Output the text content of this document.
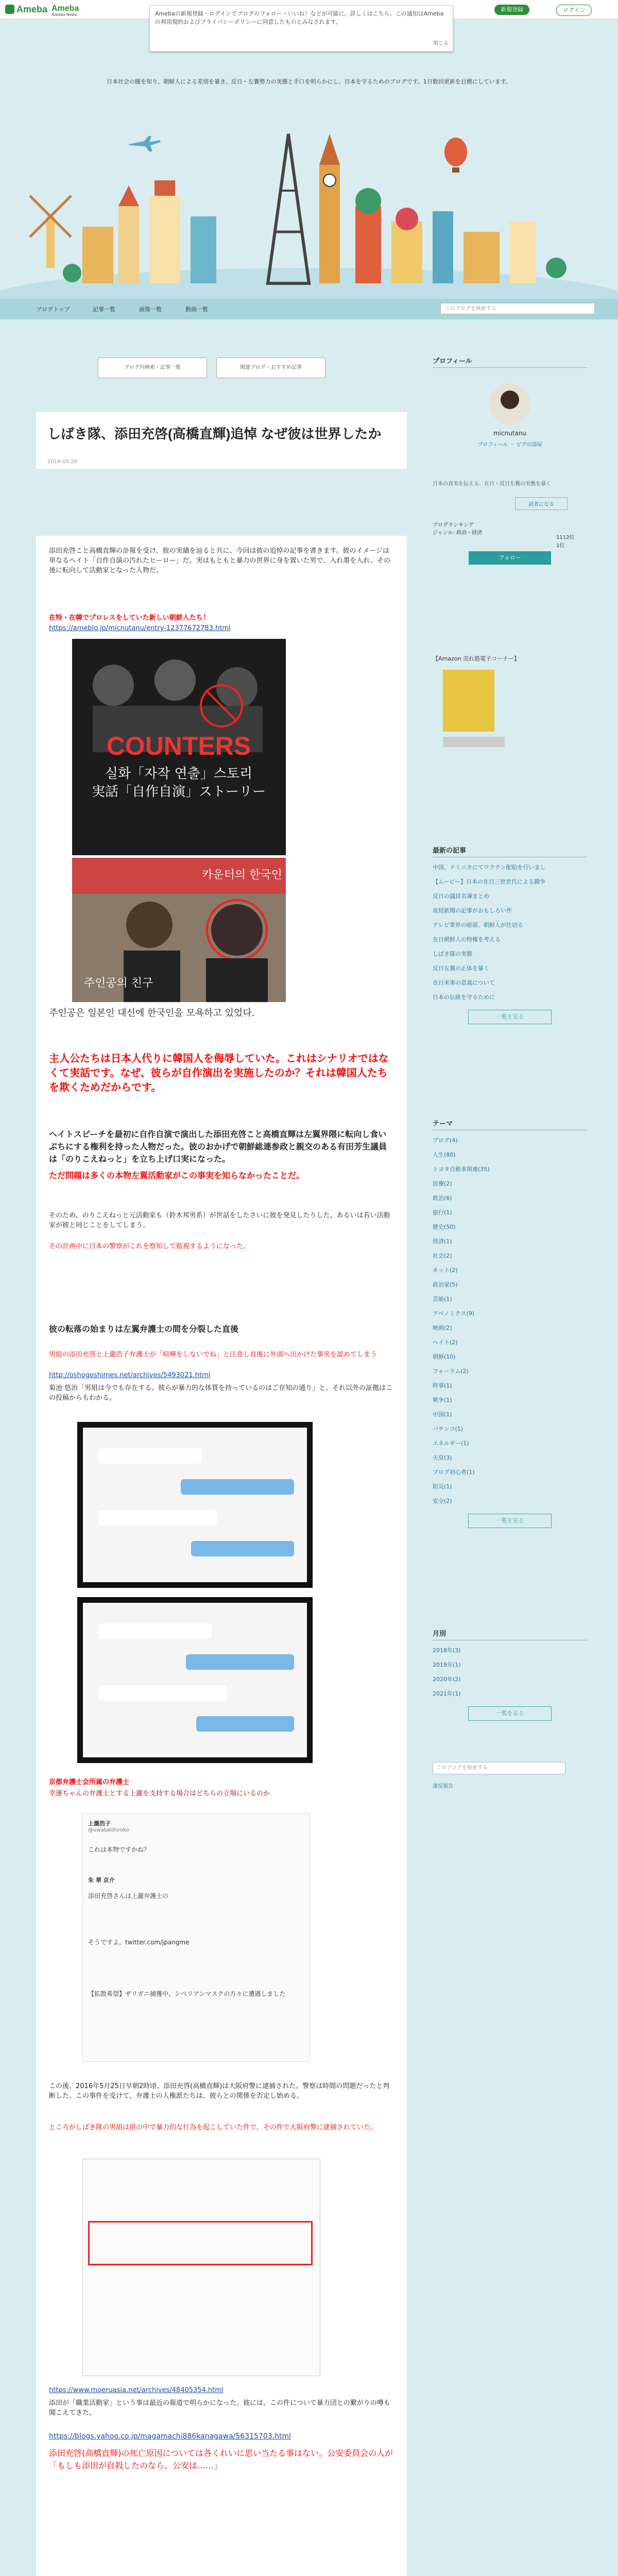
Ameba Ameba
Ameba News
新規登録	ログイン
Amebaの新規登録・ログインでブログのフォロー・いいね！などが可能に。詳しくはこちら。この通知はAmebaの利用規約およびプライバシーポリシーに同意したものとみなされます。
閉じる
日本社会の闇を知り、朝鮮人による差別を暴き、反日・左翼勢力の実態と手口を明らかにし、日本を守るためのブログです。1日数回更新を目標にしています。
ブログトップ	記事一覧	画像一覧	動画一覧	このブログを検索する
ブログ内検索・記事一覧	関連ブログ・おすすめ記事
しばき隊、添田充啓(高橋直輝)追悼 なぜ彼は世界したか
2018-05-28
添田充啓こと高橋直輝の訃報を受け、彼の実績を辿ると共に、今回は彼の追悼の記事を書きます。彼のイメージは単なるヘイト「自作自演の汚れたヒーロー」だ。実はもともと暴力の世界に身を置いた男で、入れ墨を入れ、その後に転向して活動家となった人物だ。
在特・在韓でプロレスをしていた新しい朝鮮人たち！
https://ameblo.jp/micnutanu/entry-12377672783.html
COUNTERS
실화「자작 연출」스토리
実話「自作自演」ストーリー
카운터의 한국인
주인공의 친구
주인공은 일본인 대신에 한국인을 모욕하고 있었다.
主人公たちは日本人代りに韓国人を侮辱していた。これはシナリオではなくて実話です。なぜ、彼らが自作演出を実施したのか？それは韓国人たちを欺くためだからです。
ヘイトスピーチを最初に自作自演で演出した添田充啓こと高橋直輝は左翼界隈に転向し食いぶちにする権利を持った人物だった。彼のおかげで朝鮮総連参政と親交のある有田芳生議員は「のりこえねっと」を立ち上げ口実になった。
ただ問題は多くの本物左翼活動家がこの事実を知らなかったことだ。
そのため、のりこえねっと元活動家も（鈴木邦男系）が世話をしたさいに彼を発見したりした。あるいは若い活動家が彼と同じことをしてしまう。
その計画中に日本の警察がこれを察知して監視するようになった。
彼の転落の始まりは左翼弁護士の間を分裂した直後
男組の添田充啓と上瀧浩子弁護士が「喧嘩をしないでね」と注意し直後に外部へ出かけた事実を認めてしまう
http://oshogoshimes.net/archives/5493021.html
菊池 悠治「男組は今でも存在する。彼らが暴力的な体質を持っているのはご存知の通り」と、それ以外の証拠はこの投稿からもわかる。
京都弁護士会所属の弁護士
幸運ちゃんの弁護士とする上瀧を支持する場合はどちらの立場にいるのか
上瀧浩子
@uwatakihiroko
これは本物ですかね？
朱 華 京介
添田充啓さんは上瀧弁護士の
そうですよ。twitter.com/jpangme
【拡散希望】ザリガニ捕獲中、シベリアンマスクの方々に遭遇しました
この後、2016年5月25日早朝2時頃、添田充啓(高橋直輝)は大阪府警に逮捕された。警察は時間の問題だったと判断した。この事件を受けて、弁護士の人権派たちは、彼らとの関係を否定し始める。
ところがしばき隊の男組は組の中で暴力的な行為を起こしていた件で、その件で大阪府警に逮捕されていた。
https://www.moeruasia.net/archives/48405354.html
添田が「職業活動家」という事は最近の報道で明らかになった。彼には、この件について暴力団との繋がりの噂も聞こえてきた。
https://blogs.yahoo.co.jp/magamachi886kanagawa/56315703.html
添田充啓(高橋直輝)の死亡原因については各くれいに思い当たる事はない。公安委員会の人が「もしも添田が自殺したのなら、公安は……」
プロフィール
micnutanu
プロフィール ・ ピグの部屋
日本の真実を伝える、在日・反日左翼の実態を暴く
読者になる
ブログランキング
ジャンル: 政治・経済
1112位
1位
フォロー
【Amazon 売れ筋電子コーナー】
最新の記事
中国、ドミニカにてワクチン配給を行いまし
【ムービー】日本の在日三世世代による闘争
反日の議員名簿まとめ
産経新聞の記事がおもしろい件
テレビ業界の暗部、朝鮮人が仕切る
在日朝鮮人の特権を考える
しばき隊の実態
反日左翼の正体を暴く
在日米軍の意義について
日本の伝統を守るために
一覧を見る
テーマ
ブログ(4)
人生(80)
トヨタ自動車関連(35)
医療(2)
政治(6)
旅行(1)
歴史(50)
経済(1)
社会(2)
ネット(2)
政治家(5)
芸能(1)
アベノミクス(9)
映画(2)
ヘイト(2)
朝鮮(10)
フォーラム(2)
時事(1)
戦争(1)
中国(1)
パチンコ(1)
エネルギー(1)
天皇(3)
ブログ初心者(1)
防災(1)
安全(2)
一覧を見る
月別
2018年(3)
2019年(1)
2020年(2)
2021年(1)
一覧を見る
このブログを検索する
違反報告
